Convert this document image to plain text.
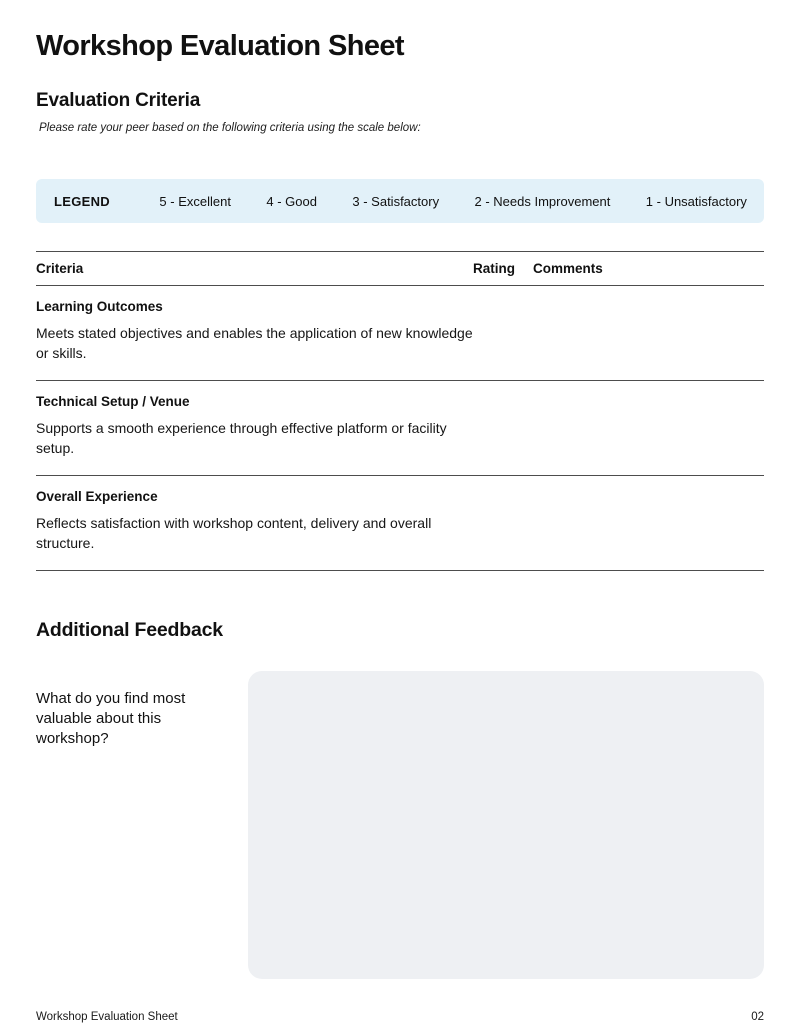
Workshop Evaluation Sheet
Evaluation Criteria

Please rate your peer based on the following criteria using the scale below:

LEGEND	5 - Excellent	4 - Good	3 - Satisfactory	2 - Needs Improvement	1 - Unsatisfactory
Criteria	Rating	Comments
Learning Outcomes
Meets stated objectives and enables the application of new knowledge or skills.
Technical Setup / Venue
Supports a smooth experience through effective platform or facility setup.
Overall Experience
Reflects satisfaction with workshop content, delivery and overall structure.
Additional Feedback
What do you find most valuable about this workshop?
Workshop Evaluation Sheet	02
